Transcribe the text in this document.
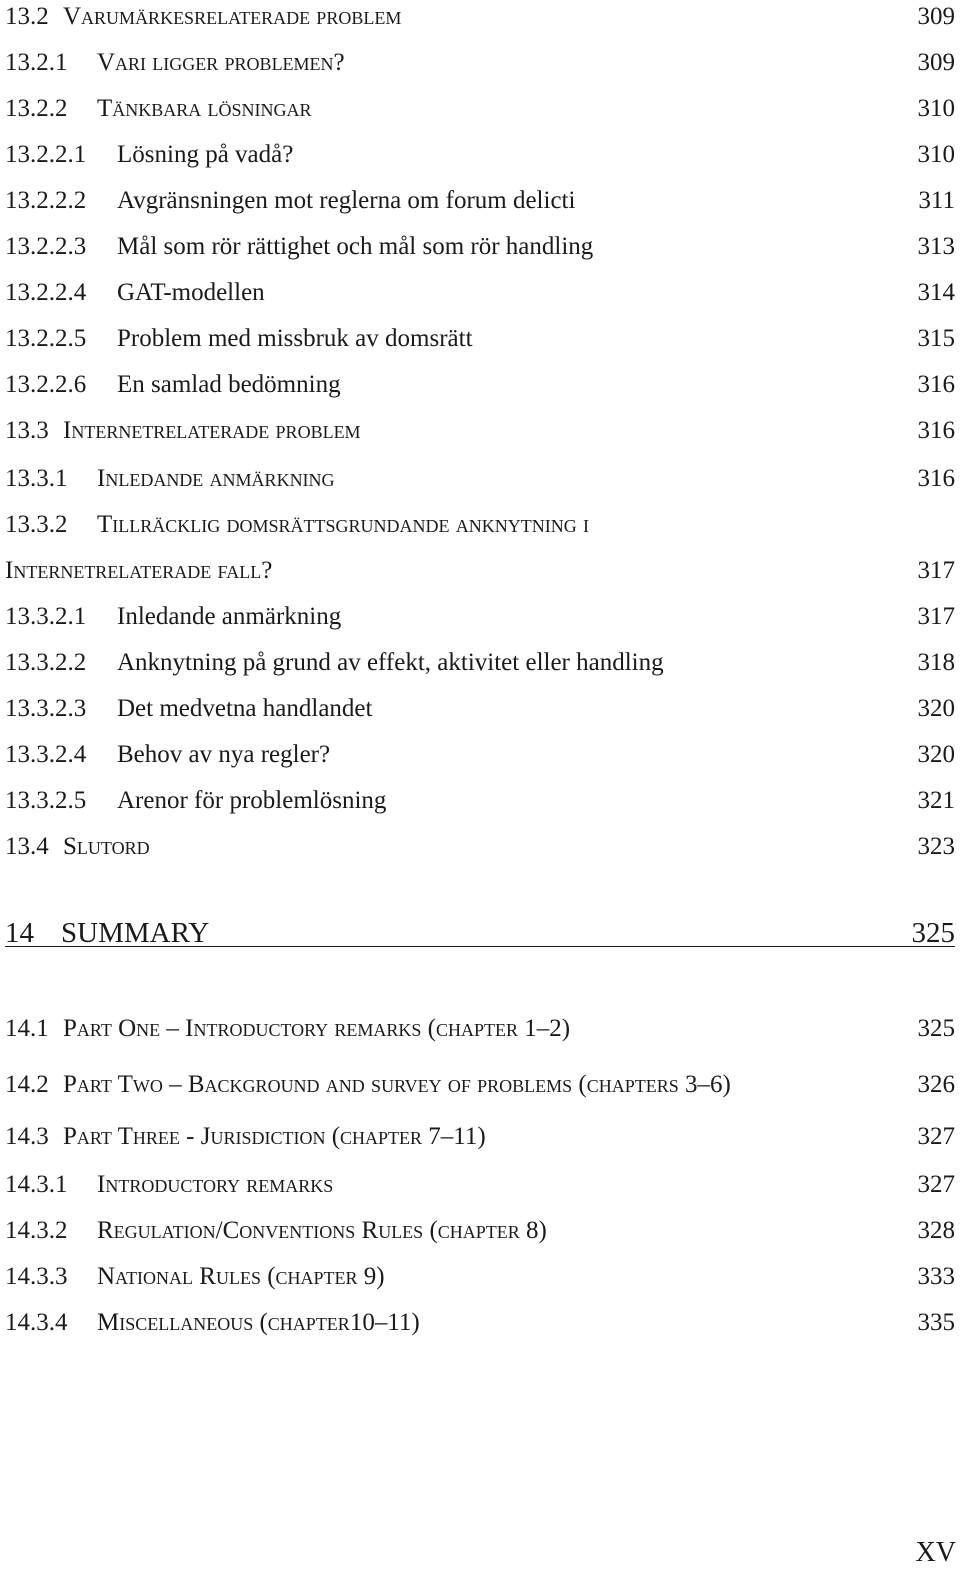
13.2 Varumärkesrelaterade problem	309
13.2.1 Vari ligger problemen?	309
13.2.2 Tänkbara lösningar	310
13.2.2.1 Lösning på vadå?	310
13.2.2.2 Avgränsningen mot reglerna om forum delicti	311
13.2.2.3 Mål som rör rättighet och mål som rör handling	313
13.2.2.4 GAT-modellen	314
13.2.2.5 Problem med missbruk av domsrätt	315
13.2.2.6 En samlad bedömning	316
13.3 Internetrelaterade problem	316
13.3.1 Inledande anmärkning	316
13.3.2 Tillräcklig domsrättsgrundande anknytning i
Internetrelaterade fall?	317
13.3.2.1 Inledande anmärkning	317
13.3.2.2 Anknytning på grund av effekt, aktivitet eller handling	318
13.3.2.3 Det medvetna handlandet	320
13.3.2.4 Behov av nya regler?	320
13.3.2.5 Arenor för problemlösning	321
13.4 Slutord	323
14 SUMMARY	325
14.1 Part One – Introductory remarks (chapter 1–2)	325
14.2 Part Two – Background and survey of problems (chapters 3–6)	326
14.3 Part Three - Jurisdiction (chapter 7–11)	327
14.3.1 Introductory remarks	327
14.3.2 Regulation/Conventions Rules (chapter 8)	328
14.3.3 National Rules (chapter 9)	333
14.3.4 Miscellaneous (chapter10–11)	335
XV
